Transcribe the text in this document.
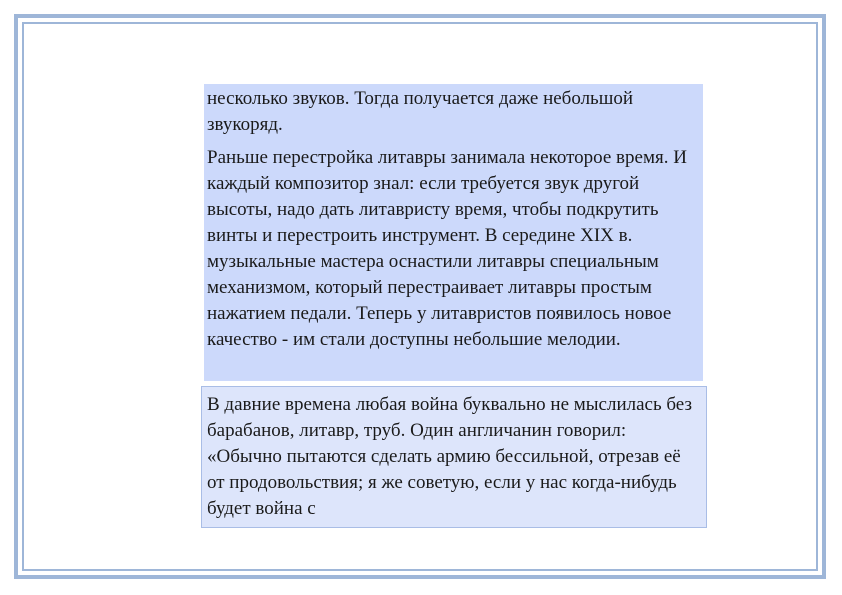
несколько звуков. Тогда получается даже небольшой звукоряд.

Раньше перестройка литавры занимала некоторое время. И каждый композитор знал: если требуется звук другой высоты, надо дать литавристу время, чтобы подкрутить винты и перестроить инструмент. В середине XIX в. музыкальные мастера оснастили литавры специальным механизмом, который перестраивает литавры простым нажатием педали. Теперь у литавристов появилось новое качество - им стали доступны небольшие мелодии.

В давние времена любая война буквально не мыслилась без барабанов, литавр, труб. Один англичанин говорил: «Обычно пытаются сделать армию бессильной, отрезав её от продовольствия; я же советую, если у нас когда-нибудь будет война с
